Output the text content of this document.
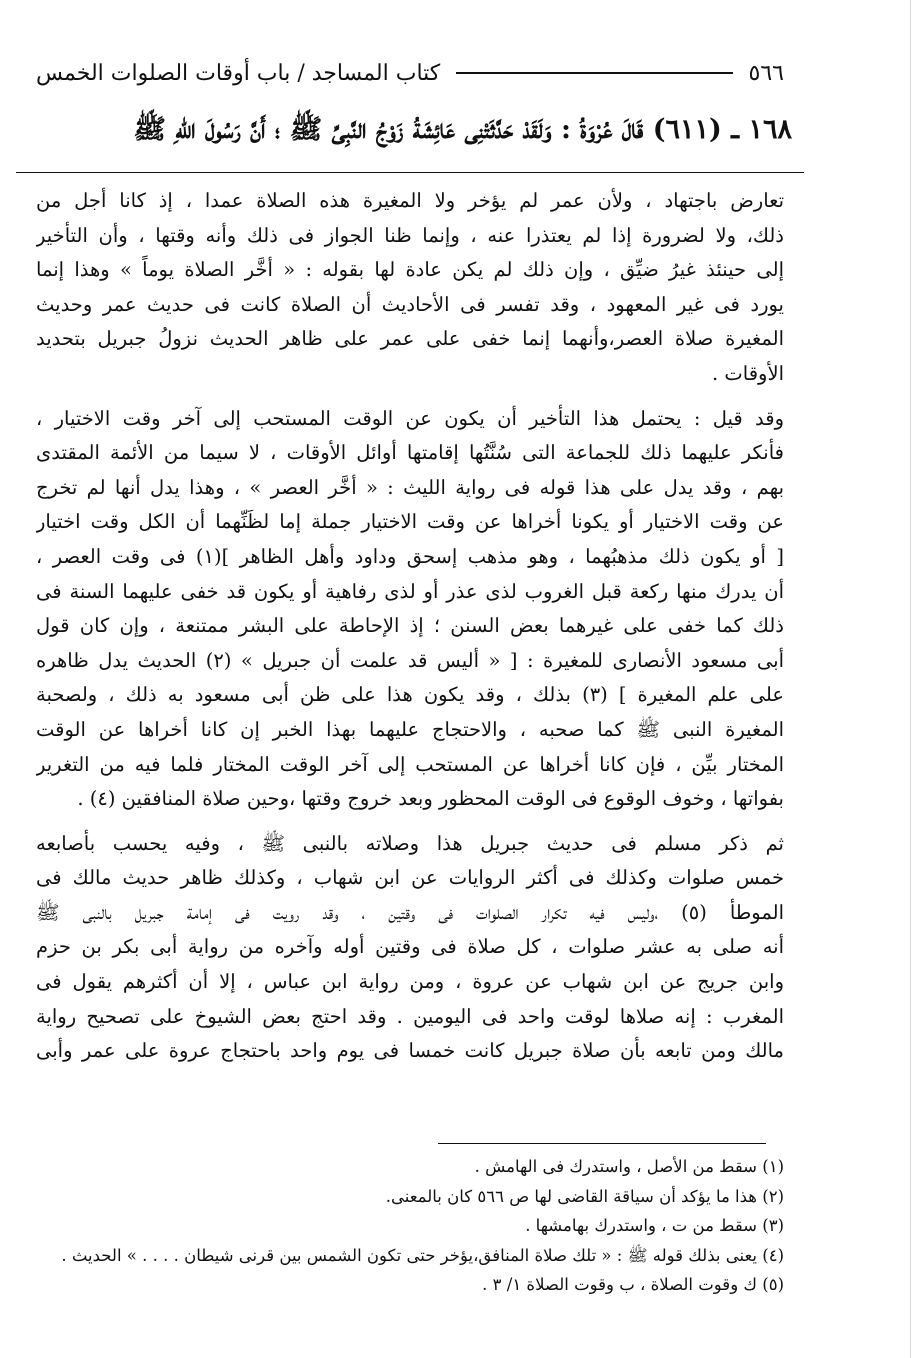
٥٦٦
كتاب المساجد / باب أوقات الصلوات الخمس
١٦٨ ـ (٦١١) قَالَ عُرْوَةُ : وَلَقَدْ حَدَّثَتْنِى عَائِشَةُ زَوْجُ النَّبِىِّ ﷺ ؛ أَنَّ رَسُولَ اللهِ ﷺ

تعارض باجتهاد ، ولأن عمر لم يؤخر ولا المغيرة هذه الصلاة عمدا ، إذ كانا أجل من
ذلك، ولا لضرورة إذا لم يعتذرا عنه ، وإنما ظنا الجواز فى ذلك وأنه وقتها ، وأن التأخير
إلى حينئذ غيرُ ضيِّق ، وإن ذلك لم يكن عادة لها بقوله : « أخَّر الصلاة يوماً » وهذا إنما
يورد فى غير المعهود ، وقد تفسر فى الأحاديث أن الصلاة كانت فى حديث عمر وحديث
المغيرة صلاة العصر،وأنهما إنما خفى على عمر على ظاهر الحديث نزولُ جبريل بتحديد
الأوقات .

وقد قيل : يحتمل هذا التأخير أن يكون عن الوقت المستحب إلى آخر وقت الاختيار ،
فأنكر عليهما ذلك للجماعة التى سُنَّتُها إقامتها أوائل الأوقات ، لا سيما من الأئمة المقتدى
بهم ، وقد يدل على هذا قوله فى رواية الليث : « أخَّر العصر » ، وهذا يدل أنها لم تخرج
عن وقت الاختيار أو يكونا أخراها عن وقت الاختيار جملة إما لظَنِّهما أن الكل وقت اختيار
[ أو يكون ذلك مذهبُهما ، وهو مذهب إسحق وداود وأهل الظاهر ](١) فى وقت العصر ،
أن يدرك منها ركعة قبل الغروب لذى عذر أو لذى رفاهية أو يكون قد خفى عليهما السنة فى
ذلك كما خفى على غيرهما بعض السنن ؛ إذ الإحاطة على البشر ممتنعة ، وإن كان قول
أبى مسعود الأنصارى للمغيرة : [ « أليس قد علمت أن جبريل » (٢) الحديث يدل ظاهره
على علم المغيرة ] (٣) بذلك ، وقد يكون هذا على ظن أبى مسعود به ذلك ، ولصحبة
المغيرة النبى ﷺ كما صحبه ، والاحتجاج عليهما بهذا الخبر إن كانا أخراها عن الوقت
المختار بيِّن ، فإن كانا أخراها عن المستحب إلى آخر الوقت المختار فلما فيه من التغرير
بفواتها ، وخوف الوقوع فى الوقت المحظور وبعد خروج وقتها ،وحين صلاة المنافقين (٤) .

ثم ذكر مسلم فى حديث جبريل هذا وصلاته بالنبى ﷺ ، وفيه يحسب بأصابعه
خمس صلوات وكذلك فى أكثر الروايات عن ابن شهاب ، وكذلك ظاهر حديث مالك فى
الموطأ (٥) ،وليس فيه تكرار الصلوات فى وقتين ، وقد رويت فى إمامة جبريل بالنبى ﷺ
أنه صلى به عشر صلوات ، كل صلاة فى وقتين أوله وآخره من رواية أبى بكر بن حزم
وابن جريج عن ابن شهاب عن عروة ، ومن رواية ابن عباس ، إلا أن أكثرهم يقول فى
المغرب : إنه صلاها لوقت واحد فى اليومين . وقد احتج بعض الشيوخ على تصحيح رواية
مالك ومن تابعه بأن صلاة جبريل كانت خمسا فى يوم واحد باحتجاج عروة على عمر وأبى

(١) سقط من الأصل ، واستدرك فى الهامش .
(٢) هذا ما يؤكد أن سياقة القاضى لها ص ٥٦٦ كان بالمعنى.
(٣) سقط من ت ، واستدرك بهامشها .
(٤) يعنى بذلك قوله ﷺ : « تلك صلاة المنافق،يؤخر حتى تكون الشمس بين قرنى شيطان . . . . » الحديث .
(٥) ك وقوت الصلاة ، ب وقوت الصلاة ١/ ٣ .
